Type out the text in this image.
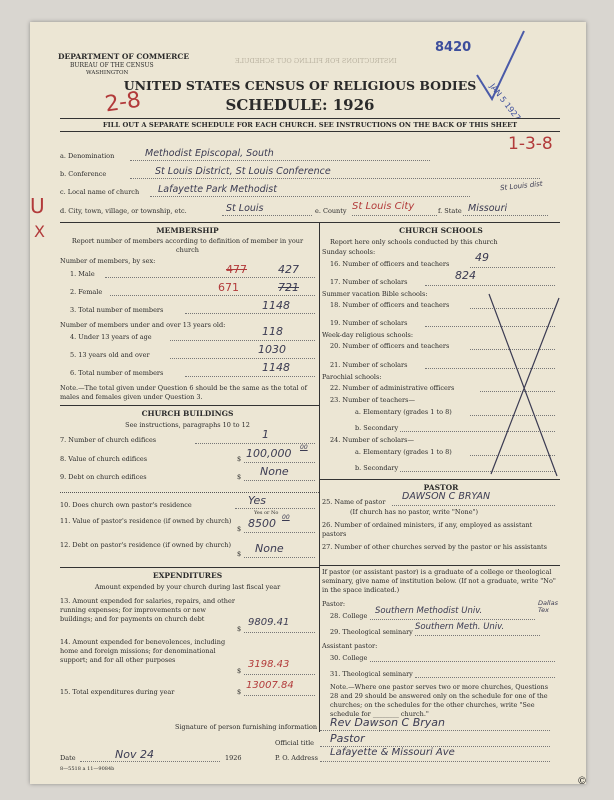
DEPARTMENT OF COMMERCE
BUREAU OF THE CENSUS
WASHINGTON
INSTRUCTIONS FOR FILLING OUT SCHEDULE
8420
JAN 5 1927
UNITED STATES CENSUS OF RELIGIOUS BODIES
SCHEDULE: 1926
2-8
FILL OUT A SEPARATE SCHEDULE FOR EACH CHURCH. SEE INSTRUCTIONS ON THE BACK OF THIS SHEET
1-3-8
U
X
a. Denomination	Methodist Episcopal, South
b. Conference	St Louis District, St Louis Conference
c. Local name of church Lafayette Park Methodist	St Louis dist
d. City, town, village, or township, etc.	St Louis	e. County St Louis City	f. State Missouri
MEMBERSHIP
Report number of members according to definition of member in your church
Number of members, by sex:
1. Male	477	427
2. Female	671	721
3. Total number of members	1148
Number of members under and over 13 years old:
4. Under 13 years of age	118
5. 13 years old and over	1030
6. Total number of members	1148
Note.—The total given under Question 6 should be the same as the total of males and females given under Question 3.
CHURCH BUILDINGS
See instructions, paragraphs 10 to 12
7. Number of church edifices	1
8. Value of church edifices	$ 100,000 00
9. Debt on church edifices	$ None
10. Does church own pastor's residence	Yes
Yes or No
11. Value of pastor's residence (if owned by church)
$ 8500 00
12. Debt on pastor's residence (if owned by church)
$ None
EXPENDITURES
Amount expended by your church during last fiscal year
13. Amount expended for salaries, repairs, and other running expenses; for improvements or new buildings; and for payments on church debt
$
9809.41
14. Amount expended for benevolences, including home and foreign missions; for denominational support; and for all other purposes
$
3198.43
15. Total expenditures during year	$
13007.84
CHURCH SCHOOLS
Report here only schools conducted by this church
Sunday schools:
16. Number of officers and teachers 49
17. Number of scholars	824
Summer vacation Bible schools:
18. Number of officers and teachers
19. Number of scholars
Week-day religious schools:
20. Number of officers and teachers
21. Number of scholars
Parochial schools:
22. Number of administrative officers
23. Number of teachers—
a. Elementary (grades 1 to 8)
b. Secondary
24. Number of scholars—
a. Elementary (grades 1 to 8)
b. Secondary
PASTOR
25. Name of pastor DAWSON C BRYAN
(If church has no pastor, write "None")
26. Number of ordained ministers, if any, employed as assistant pastors
27. Number of other churches served by the pastor or his assistants
If pastor (or assistant pastor) is a graduate of a college or theological seminary, give name of institution below. (If not a graduate, write "No" in the space indicated.)
Pastor:
28. College Southern Methodist Univ.
29. Theological seminary Southern Meth. Univ.
Dallas Tex
Assistant pastor:
30. College
31. Theological seminary
Note.—Where one pastor serves two or more churches, Questions 28 and 29 should be answered only on the schedule for one of the churches; on the schedules for the other churches, write "See schedule for ________ church."
Signature of person furnishing information Rev Dawson C Bryan
Official title Pastor
Date	Nov 24	1926	P. O. Address Lafayette & Missouri Ave
8—5518 a 11—9084b
©
